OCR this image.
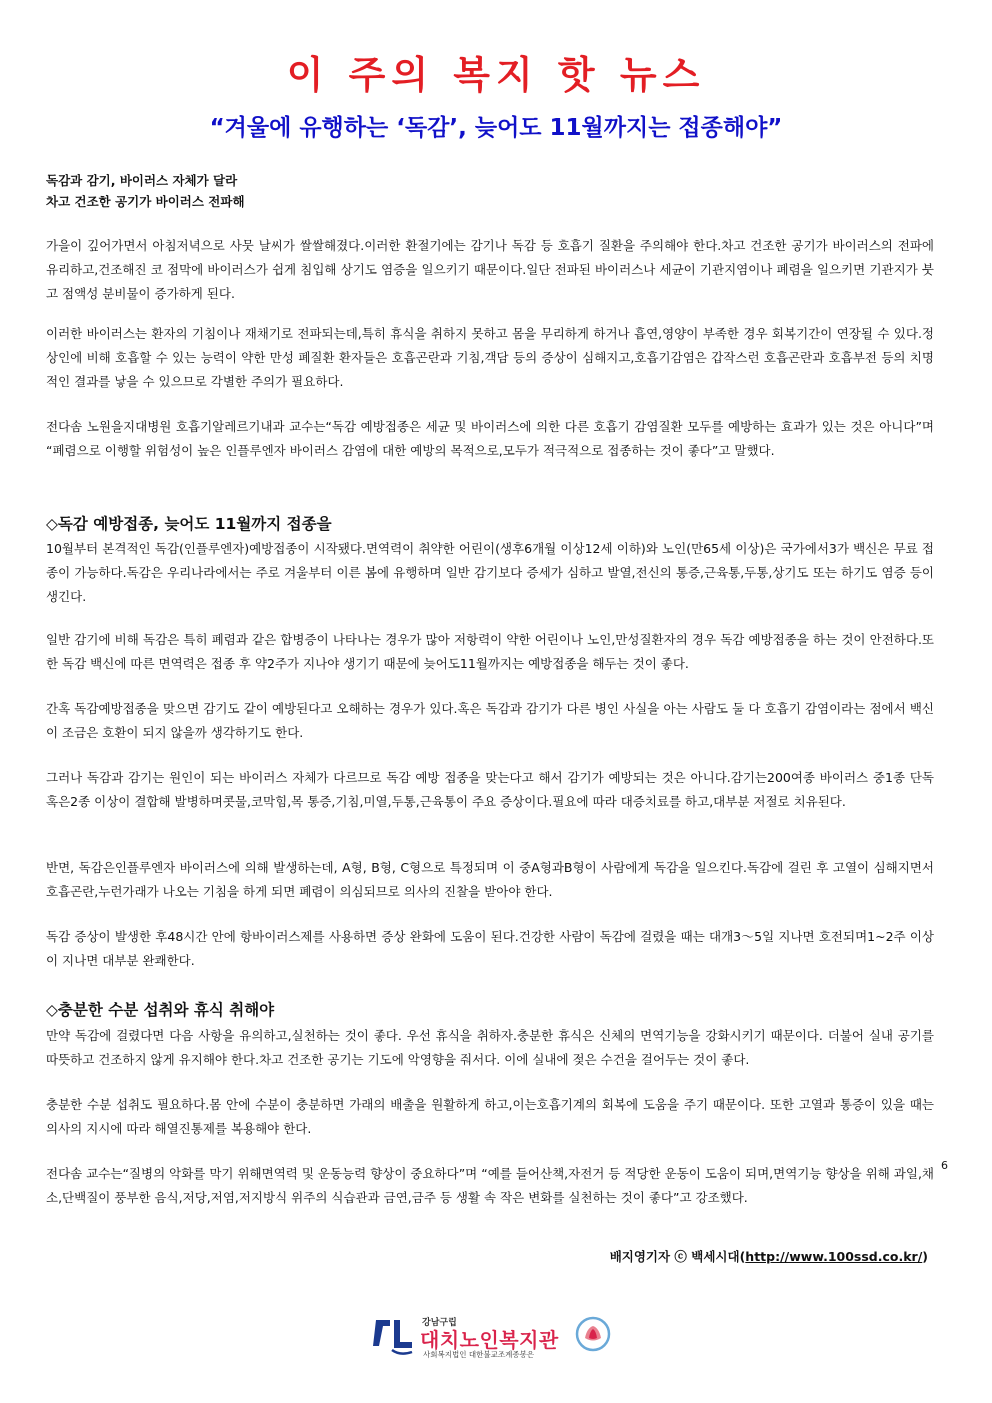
이 주의 복지 핫 뉴스
“겨울에 유행하는 ‘독감’, 늦어도 11월까지는 접종해야”
독감과 감기, 바이러스 자체가 달라
차고 건조한 공기가 바이러스 전파해

가을이 깊어가면서 아침저녁으로 사뭇 날씨가 쌀쌀해졌다.이러한 환절기에는 감기나 독감 등 호흡기 질환을 주의해야 한다.차고 건조한 공기가 바이러스의 전파에 유리하고,건조해진 코 점막에 바이러스가 쉽게 침입해 상기도 염증을 일으키기 때문이다.일단 전파된 바이러스나 세균이 기관지염이나 폐렴을 일으키면 기관지가 붓고 점액성 분비물이 증가하게 된다.

이러한 바이러스는 환자의 기침이나 재채기로 전파되는데,특히 휴식을 취하지 못하고 몸을 무리하게 하거나 흡연,영양이 부족한 경우 회복기간이 연장될 수 있다.정상인에 비해 호흡할 수 있는 능력이 약한 만성 폐질환 환자들은 호흡곤란과 기침,객담 등의 증상이 심해지고,호흡기감염은 갑작스런 호흡곤란과 호흡부전 등의 치명적인 결과를 낳을 수 있으므로 각별한 주의가 필요하다.

전다솜 노원을지대병원 호흡기알레르기내과 교수는“독감 예방접종은 세균 및 바이러스에 의한 다른 호흡기 감염질환 모두를 예방하는 효과가 있는 것은 아니다”며 “폐렴으로 이행할 위험성이 높은 인플루엔자 바이러스 감염에 대한 예방의 목적으로,모두가 적극적으로 접종하는 것이 좋다”고 말했다.

◇독감 예방접종, 늦어도 11월까지 접종을

10월부터 본격적인 독감(인플루엔자)예방접종이 시작됐다.면역력이 취약한 어린이(생후6개월 이상12세 이하)와 노인(만65세 이상)은 국가에서3가 백신은 무료 접종이 가능하다.독감은 우리나라에서는 주로 겨울부터 이른 봄에 유행하며 일반 감기보다 증세가 심하고 발열,전신의 통증,근육통,두통,상기도 또는 하기도 염증 등이 생긴다.

일반 감기에 비해 독감은 특히 폐렴과 같은 합병증이 나타나는 경우가 많아 저항력이 약한 어린이나 노인,만성질환자의 경우 독감 예방접종을 하는 것이 안전하다.또한 독감 백신에 따른 면역력은 접종 후 약2주가 지나야 생기기 때문에 늦어도11월까지는 예방접종을 해두는 것이 좋다.

간혹 독감예방접종을 맞으면 감기도 같이 예방된다고 오해하는 경우가 있다.혹은 독감과 감기가 다른 병인 사실을 아는 사람도 둘 다 호흡기 감염이라는 점에서 백신이 조금은 호환이 되지 않을까 생각하기도 한다.

그러나 독감과 감기는 원인이 되는 바이러스 자체가 다르므로 독감 예방 접종을 맞는다고 해서 감기가 예방되는 것은 아니다.감기는200여종 바이러스 중1종 단독 혹은2종 이상이 결합해 발병하며콧물,코막힘,목 통증,기침,미열,두통,근육통이 주요 증상이다.필요에 따라 대증치료를 하고,대부분 저절로 치유된다.

반면, 독감은인플루엔자 바이러스에 의해 발생하는데, A형, B형, C형으로 특정되며 이 중A형과B형이 사람에게 독감을 일으킨다.독감에 걸린 후 고열이 심해지면서 호흡곤란,누런가래가 나오는 기침을 하게 되면 폐렴이 의심되므로 의사의 진찰을 받아야 한다.

독감 증상이 발생한 후48시간 안에 항바이러스제를 사용하면 증상 완화에 도움이 된다.건강한 사람이 독감에 걸렸을 때는 대개3～5일 지나면 호전되며1~2주 이상이 지나면 대부분 완쾌한다.

◇충분한 수분 섭취와 휴식 취해야

만약 독감에 걸렸다면 다음 사항을 유의하고,실천하는 것이 좋다. 우선 휴식을 취하자.충분한 휴식은 신체의 면역기능을 강화시키기 때문이다. 더불어 실내 공기를 따뜻하고 건조하지 않게 유지해야 한다.차고 건조한 공기는 기도에 악영향을 줘서다. 이에 실내에 젖은 수건을 걸어두는 것이 좋다.

충분한 수분 섭취도 필요하다.몸 안에 수분이 충분하면 가래의 배출을 원활하게 하고,이는호흡기계의 회복에 도움을 주기 때문이다. 또한 고열과 통증이 있을 때는 의사의 지시에 따라 해열진통제를 복용해야 한다.

전다솜 교수는“질병의 악화를 막기 위해면역력 및 운동능력 향상이 중요하다”며 “예를 들어산책,자전거 등 적당한 운동이 도움이 되며,면역기능 향상을 위해 과일,채소,단백질이 풍부한 음식,저당,저염,저지방식 위주의 식습관과 금연,금주 등 생활 속 작은 변화를 실천하는 것이 좋다”고 강조했다.

6

배지영기자 ⓒ 백세시대(http://www.100ssd.co.kr/)

강남구립
대치노인복지관
사회복지법인 대한불교조계종봉은
